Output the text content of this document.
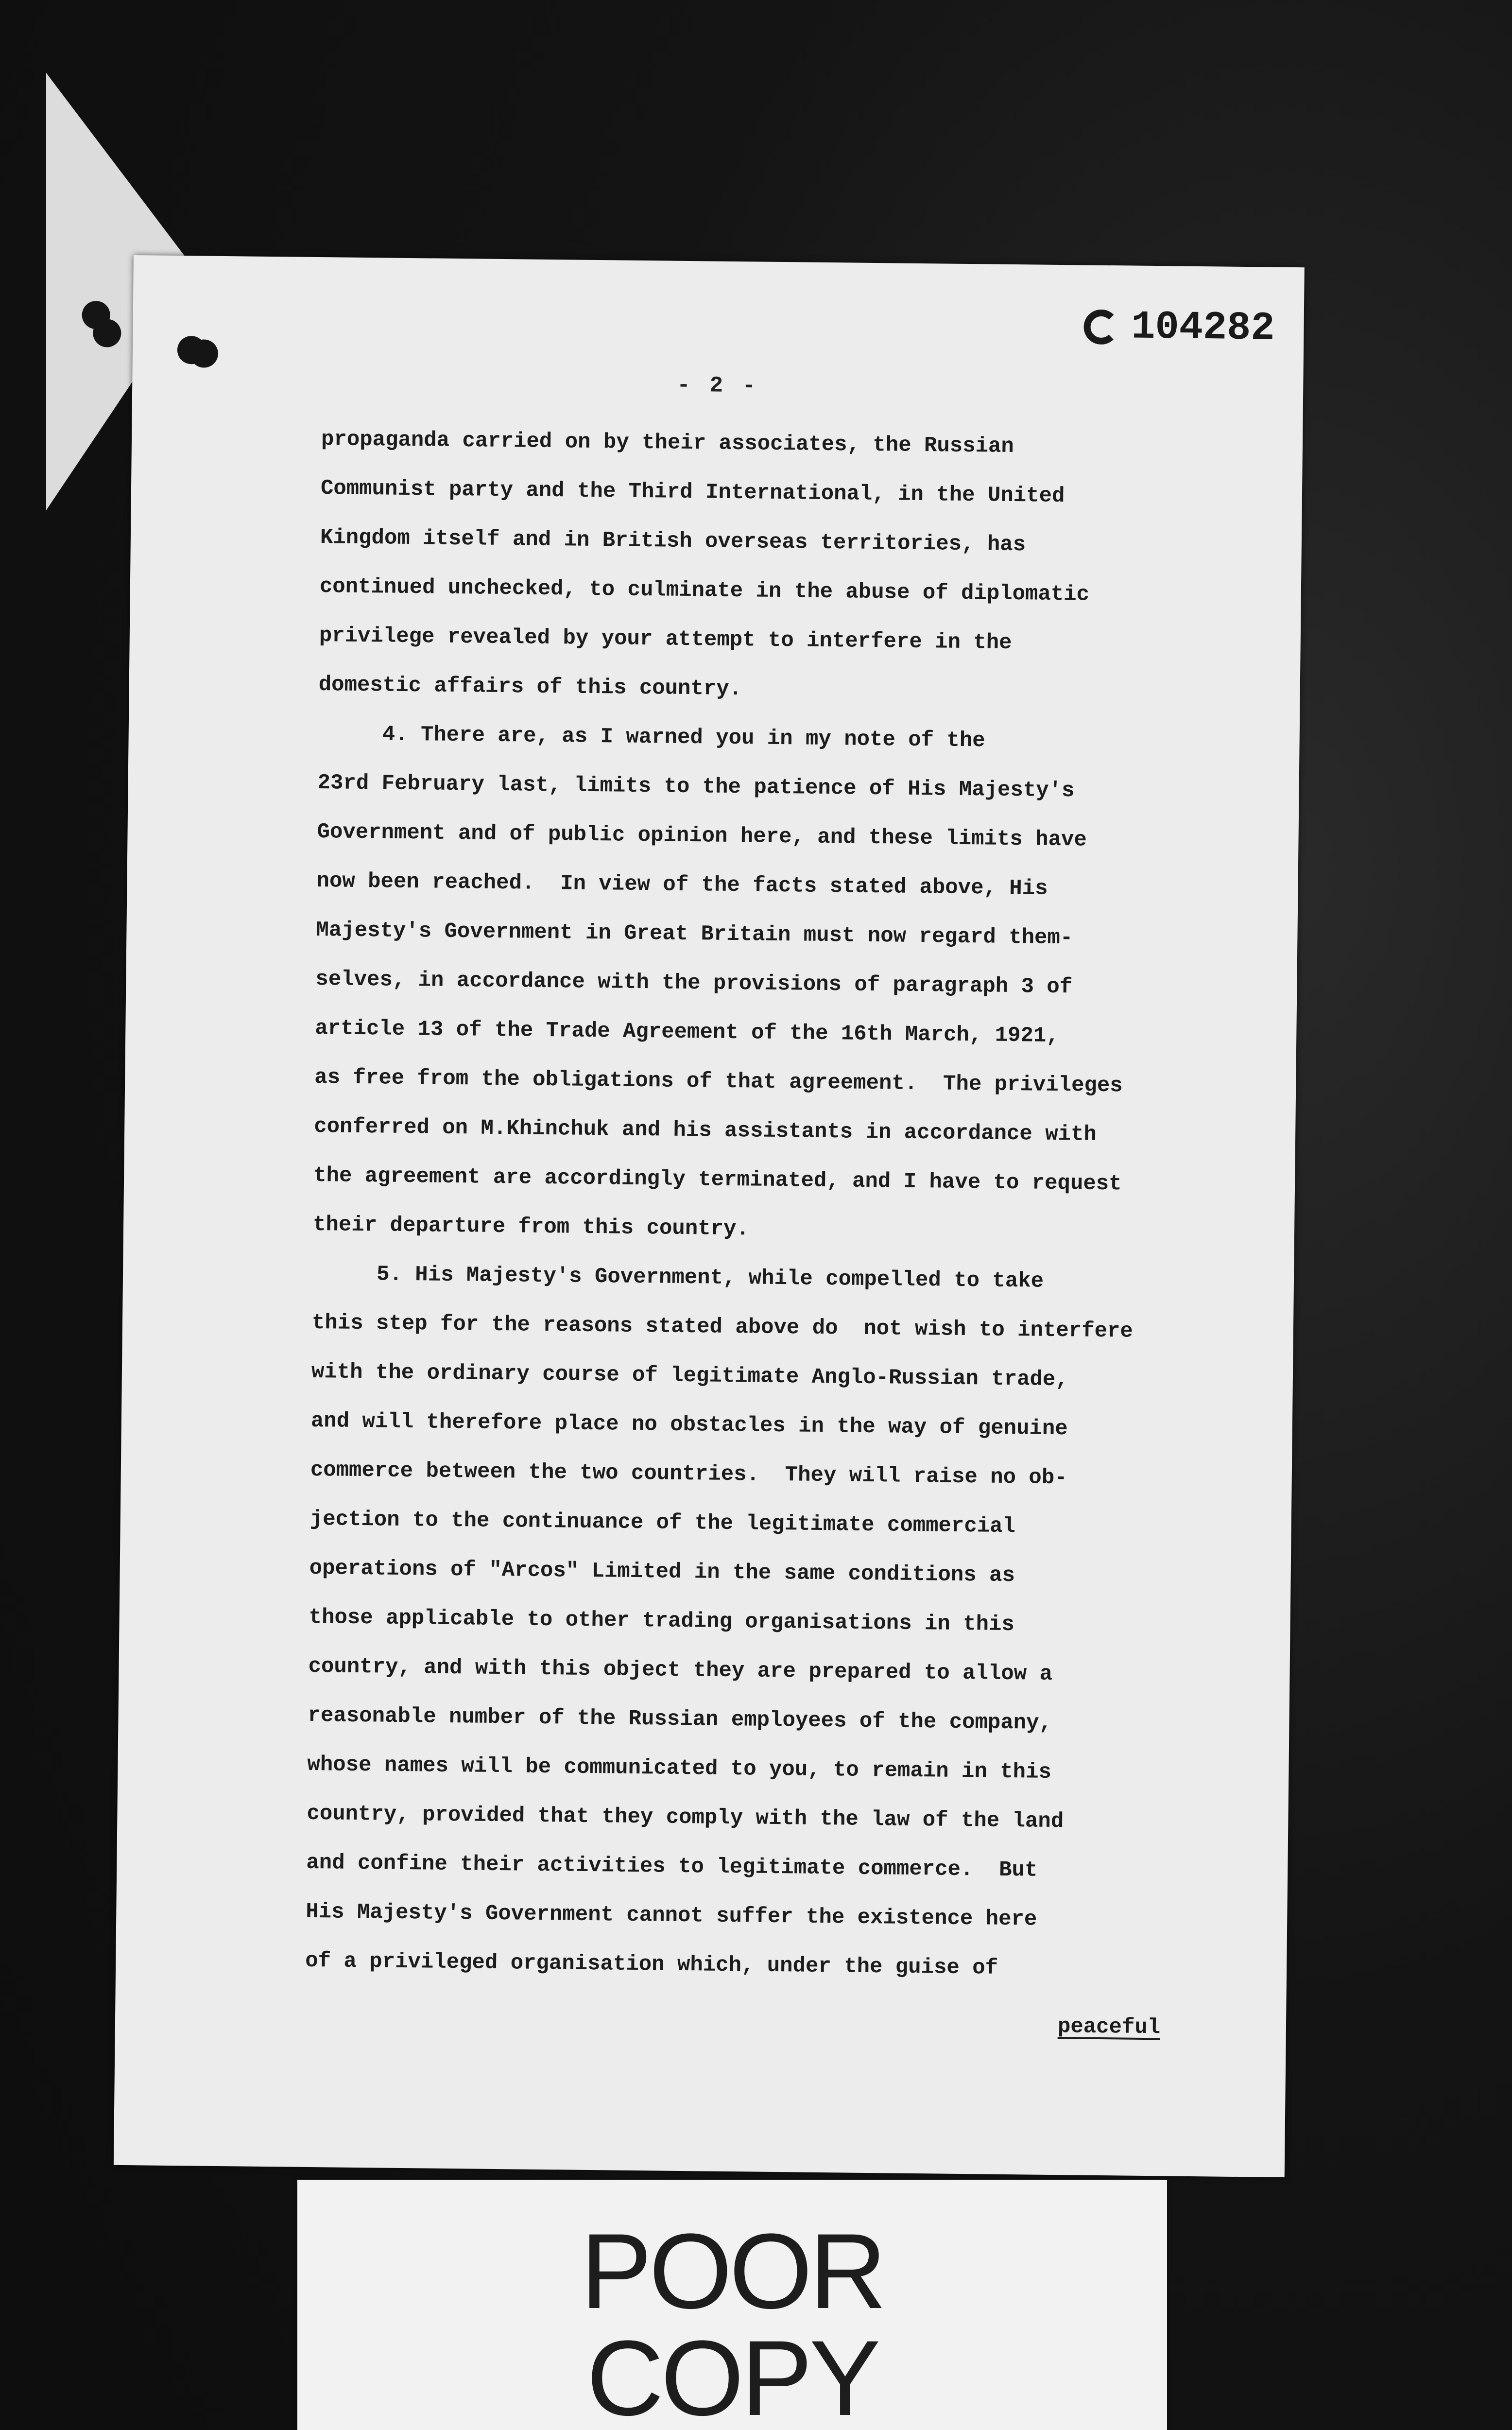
104282
- 2 -
propaganda carried on by their associates, the Russian
Communist party and the Third International, in the United
Kingdom itself and in British overseas territories, has
continued unchecked, to culminate in the abuse of diplomatic
privilege revealed by your attempt to interfere in the
domestic affairs of this country.
4. There are, as I warned you in my note of the
23rd February last, limits to the patience of His Majesty's
Government and of public opinion here, and these limits have
now been reached.  In view of the facts stated above, His
Majesty's Government in Great Britain must now regard them-
selves, in accordance with the provisions of paragraph 3 of
article 13 of the Trade Agreement of the 16th March, 1921,
as free from the obligations of that agreement.  The privileges
conferred on M.Khinchuk and his assistants in accordance with
the agreement are accordingly terminated, and I have to request
their departure from this country.
5. His Majesty's Government, while compelled to take
this step for the reasons stated above do  not wish to interfere
with the ordinary course of legitimate Anglo-Russian trade,
and will therefore place no obstacles in the way of genuine
commerce between the two countries.  They will raise no ob-
jection to the continuance of the legitimate commercial
operations of "Arcos" Limited in the same conditions as
those applicable to other trading organisations in this
country, and with this object they are prepared to allow a
reasonable number of the Russian employees of the company,
whose names will be communicated to you, to remain in this
country, provided that they comply with the law of the land
and confine their activities to legitimate commerce.  But
His Majesty's Government cannot suffer the existence here
of a privileged organisation which, under the guise of
peaceful
POOR
COPY
